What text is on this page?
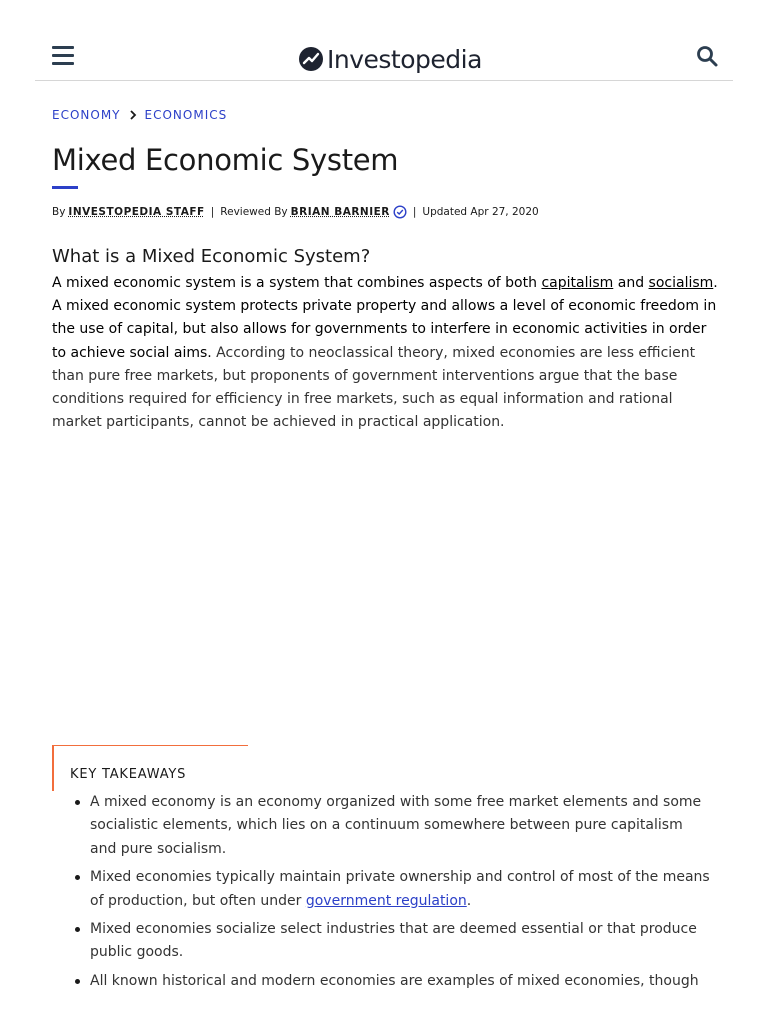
Investopedia
ECONOMY ECONOMICS
Mixed Economic System
By INVESTOPEDIA STAFF | Reviewed By BRIAN BARNIER | Updated Apr 27, 2020
What is a Mixed Economic System?

A mixed economic system is a system that combines aspects of both capitalism and socialism. A mixed economic system protects private property and allows a level of economic freedom in the use of capital, but also allows for governments to interfere in economic activities in order to achieve social aims. According to neoclassical theory, mixed economies are less efficient than pure free markets, but proponents of government interventions argue that the base conditions required for efficiency in free markets, such as equal information and rational market participants, cannot be achieved in practical application.

KEY TAKEAWAYS
A mixed economy is an economy organized with some free market elements and some socialistic elements, which lies on a continuum somewhere between pure capitalism and pure socialism.
Mixed economies typically maintain private ownership and control of most of the means of production, but often under government regulation.
Mixed economies socialize select industries that are deemed essential or that produce public goods.
All known historical and modern economies are examples of mixed economies, though
